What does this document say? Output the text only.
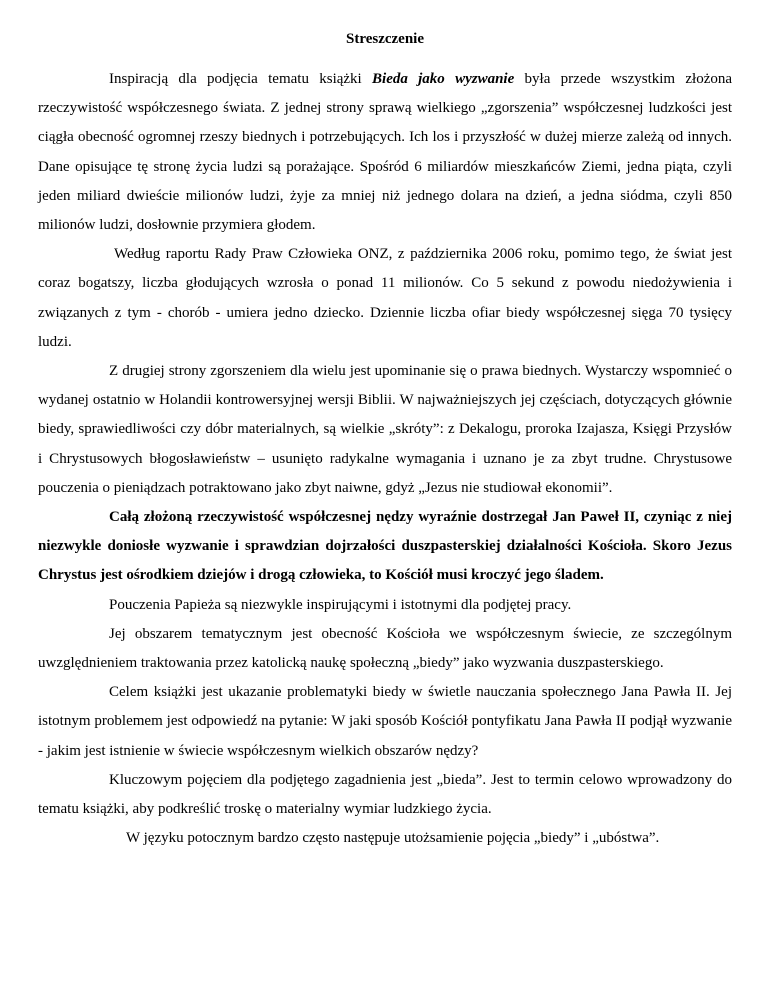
Streszczenie

Inspiracją dla podjęcia tematu książki Bieda jako wyzwanie była przede wszystkim złożona rzeczywistość współczesnego świata. Z jednej strony sprawą wielkiego „zgorszenia” współczesnej ludzkości jest ciągła obecność ogromnej rzeszy biednych i potrzebujących. Ich los i przyszłość w dużej mierze zależą od innych. Dane opisujące tę stronę życia ludzi są porażające. Spośród 6 miliardów mieszkańców Ziemi, jedna piąta, czyli jeden miliard dwieście milionów ludzi, żyje za mniej niż jednego dolara na dzień, a jedna siódma, czyli 850 milionów ludzi, dosłownie przymiera głodem.

Według raportu Rady Praw Człowieka ONZ, z października 2006 roku, pomimo tego, że świat jest coraz bogatszy, liczba głodujących wzrosła o ponad 11 milionów. Co 5 sekund z powodu niedożywienia i związanych z tym - chorób - umiera jedno dziecko. Dziennie liczba ofiar biedy współczesnej sięga 70 tysięcy ludzi.

Z drugiej strony zgorszeniem dla wielu jest upominanie się o prawa biednych. Wystarczy wspomnieć o wydanej ostatnio w Holandii kontrowersyjnej wersji Biblii. W najważniejszych jej częściach, dotyczących głównie biedy, sprawiedliwości czy dóbr materialnych, są wielkie „skróty”: z Dekalogu, proroka Izajasza, Księgi Przysłów i Chrystusowych błogosławieństw – usunięto radykalne wymagania i uznano je za zbyt trudne. Chrystusowe pouczenia o pieniądzach potraktowano jako zbyt naiwne, gdyż „Jezus nie studiował ekonomii”.

Całą złożoną rzeczywistość współczesnej nędzy wyraźnie dostrzegał Jan Paweł II, czyniąc z niej niezwykle doniosłe wyzwanie i sprawdzian dojrzałości duszpasterskiej działalności Kościoła. Skoro Jezus Chrystus jest ośrodkiem dziejów i drogą człowieka, to Kościół musi kroczyć jego śladem.

Pouczenia Papieża są niezwykle inspirującymi i istotnymi dla podjętej pracy.

Jej obszarem tematycznym jest obecność Kościoła we współczesnym świecie, ze szczególnym uwzględnieniem traktowania przez katolicką naukę społeczną „biedy” jako wyzwania duszpasterskiego.

Celem książki jest ukazanie problematyki biedy w świetle nauczania społecznego Jana Pawła II. Jej istotnym problemem jest odpowiedź na pytanie: W jaki sposób Kościół pontyfikatu Jana Pawła II podjął wyzwanie - jakim jest istnienie w świecie współczesnym wielkich obszarów nędzy?

Kluczowym pojęciem dla podjętego zagadnienia jest „bieda”. Jest to termin celowo wprowadzony do tematu książki, aby podkreślić troskę o materialny wymiar ludzkiego życia.

W języku potocznym bardzo często następuje utożsamienie pojęcia „biedy” i „ubóstwa”.
